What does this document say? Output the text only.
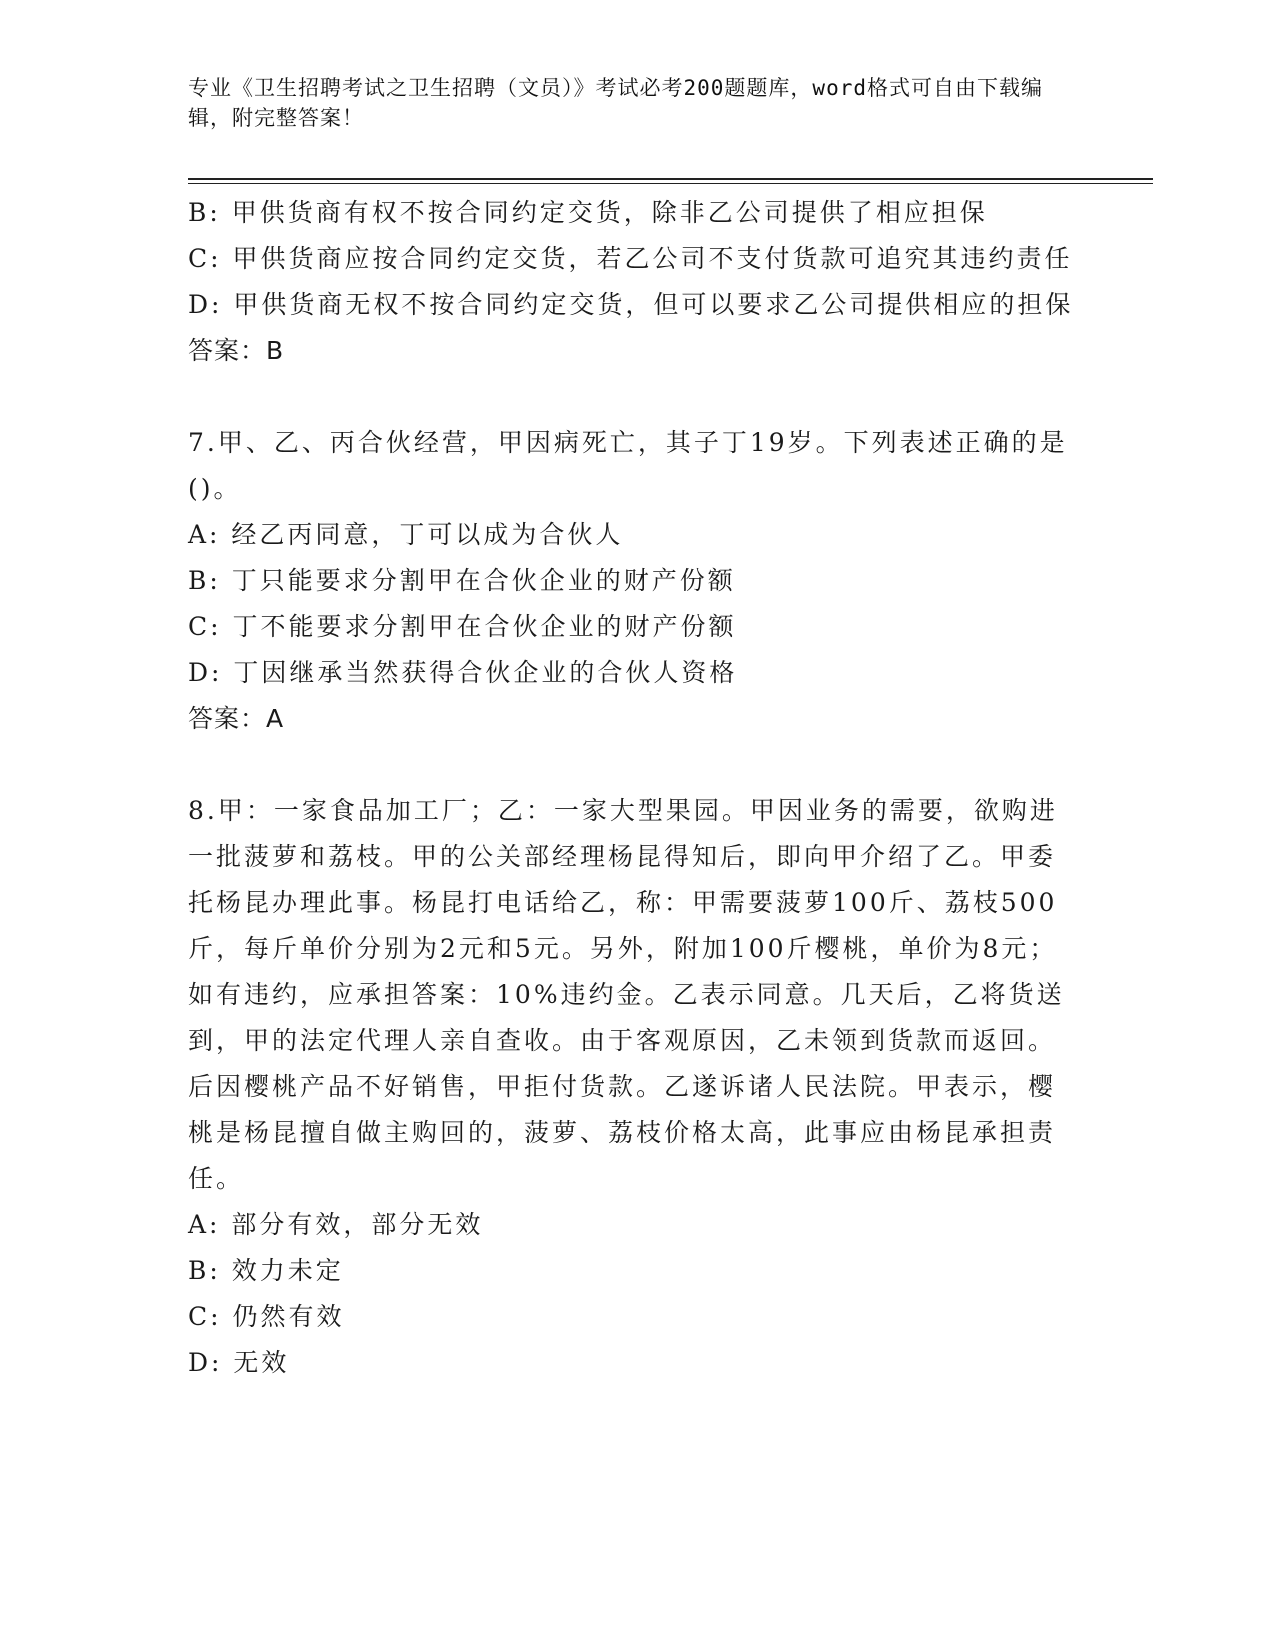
专业《卫生招聘考试之卫生招聘（文员）》考试必考200题题库，word格式可自由下载编辑，附完整答案！

B: 甲供货商有权不按合同约定交货，除非乙公司提供了相应担保

C: 甲供货商应按合同约定交货，若乙公司不支付货款可追究其违约责任

D: 甲供货商无权不按合同约定交货，但可以要求乙公司提供相应的担保

答案：B

7.甲、乙、丙合伙经营，甲因病死亡，其子丁19岁。下列表述正确的是()。

A: 经乙丙同意，丁可以成为合伙人

B: 丁只能要求分割甲在合伙企业的财产份额

C: 丁不能要求分割甲在合伙企业的财产份额

D: 丁因继承当然获得合伙企业的合伙人资格

答案：A

8.甲：一家食品加工厂；乙：一家大型果园。甲因业务的需要，欲购进一批菠萝和荔枝。甲的公关部经理杨昆得知后，即向甲介绍了乙。甲委托杨昆办理此事。杨昆打电话给乙，称：甲需要菠萝100斤、荔枝500斤，每斤单价分别为2元和5元。另外，附加100斤樱桃，单价为8元；如有违约，应承担答案：10%违约金。乙表示同意。几天后，乙将货送到，甲的法定代理人亲自查收。由于客观原因，乙未领到货款而返回。后因樱桃产品不好销售，甲拒付货款。乙遂诉诸人民法院。甲表示，樱桃是杨昆擅自做主购回的，菠萝、荔枝价格太高，此事应由杨昆承担责任。

A: 部分有效，部分无效

B: 效力未定

C: 仍然有效

D: 无效
